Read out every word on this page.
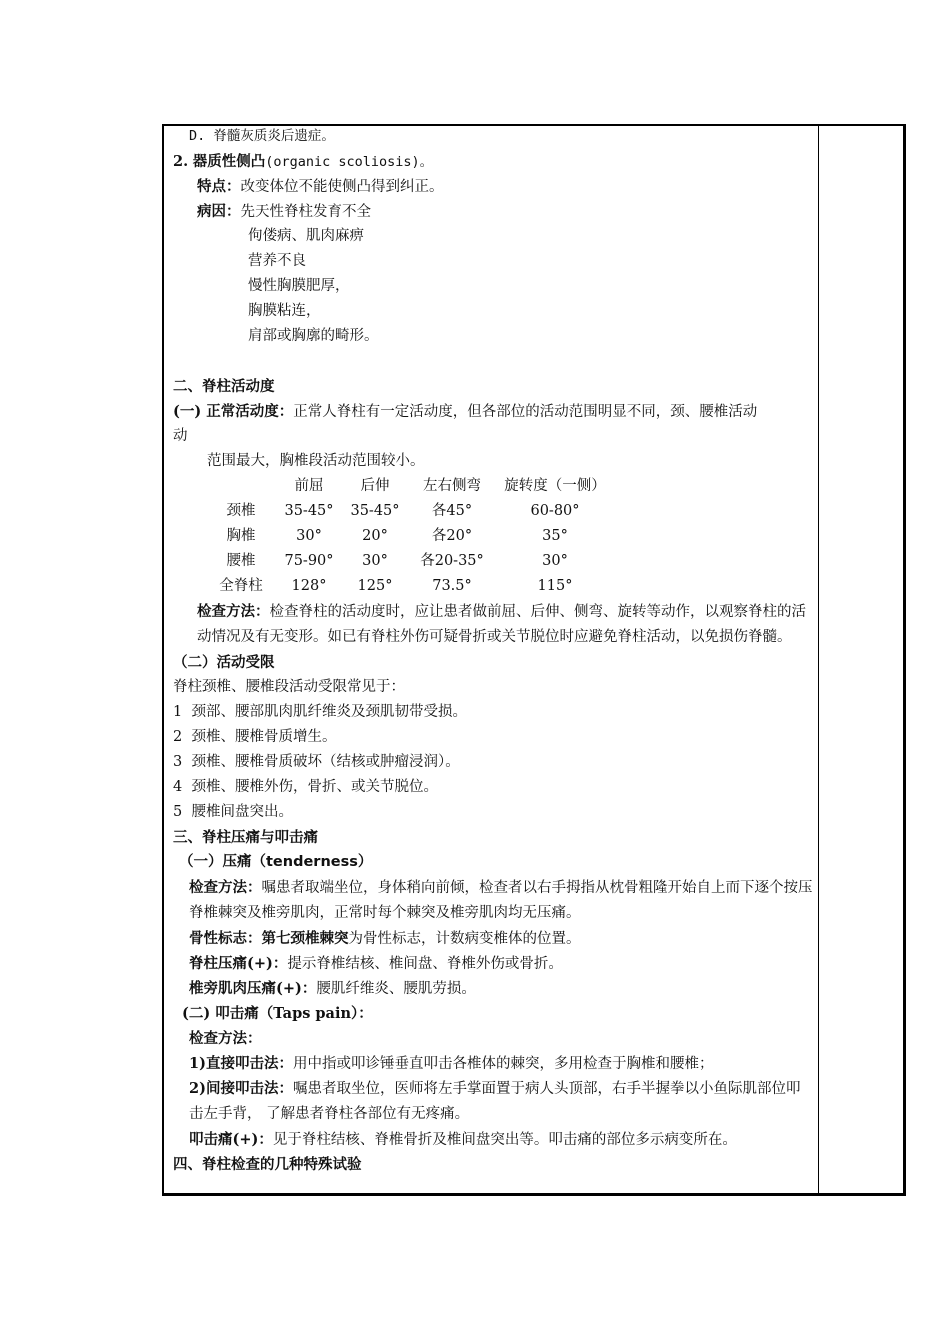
D. 脊髓灰质炎后遗症。
2. 器质性侧凸(organic scoliosis)。
特点：改变体位不能使侧凸得到纠正。
病因：先天性脊柱发育不全
佝偻病、肌肉麻痹
营养不良
慢性胸膜肥厚，
胸膜粘连，
肩部或胸廓的畸形。
二、脊柱活动度
(一) 正常活动度：正常人脊柱有一定活动度，但各部位的活动范围明显不同，颈、腰椎活动
动
范围最大，胸椎段活动范围较小。
前屈	后伸	左右侧弯	旋转度（一侧）
颈椎	35-45°	35-45°	各45°	60-80°
胸椎	30°	20°	各20°	35°
腰椎	75-90°	30°	各20-35°	30°
全脊柱	128°	125°	73.5°	115°
检查方法：检查脊柱的活动度时，应让患者做前屈、后伸、侧弯、旋转等动作，以观察脊柱的活动情况及有无变形。如已有脊柱外伤可疑骨折或关节脱位时应避免脊柱活动，以免损伤脊髓。
（二）活动受限
脊柱颈椎、腰椎段活动受限常见于：
1 颈部、腰部肌肉肌纤维炎及颈肌韧带受损。
2 颈椎、腰椎骨质增生。
3 颈椎、腰椎骨质破坏（结核或肿瘤浸润）。
4 颈椎、腰椎外伤，骨折、或关节脱位。
5 腰椎间盘突出。
三、脊柱压痛与叩击痛
（一）压痛（tenderness）
检查方法：嘱患者取端坐位，身体稍向前倾，检查者以右手拇指从枕骨粗隆开始自上而下逐个按压脊椎棘突及椎旁肌肉，正常时每个棘突及椎旁肌肉均无压痛。
骨性标志：第七颈椎棘突为骨性标志，计数病变椎体的位置。
脊柱压痛(+)：提示脊椎结核、椎间盘、脊椎外伤或骨折。
椎旁肌肉压痛(+)：腰肌纤维炎、腰肌劳损。
(二) 叩击痛（Taps pain）：
检查方法：
1)直接叩击法：用中指或叩诊锤垂直叩击各椎体的棘突，多用检查于胸椎和腰椎；
2)间接叩击法：嘱患者取坐位，医师将左手掌面置于病人头顶部，右手半握拳以小鱼际肌部位叩击左手背， 了解患者脊柱各部位有无疼痛。
叩击痛(+)：见于脊柱结核、脊椎骨折及椎间盘突出等。叩击痛的部位多示病变所在。
四、脊柱检查的几种特殊试验
